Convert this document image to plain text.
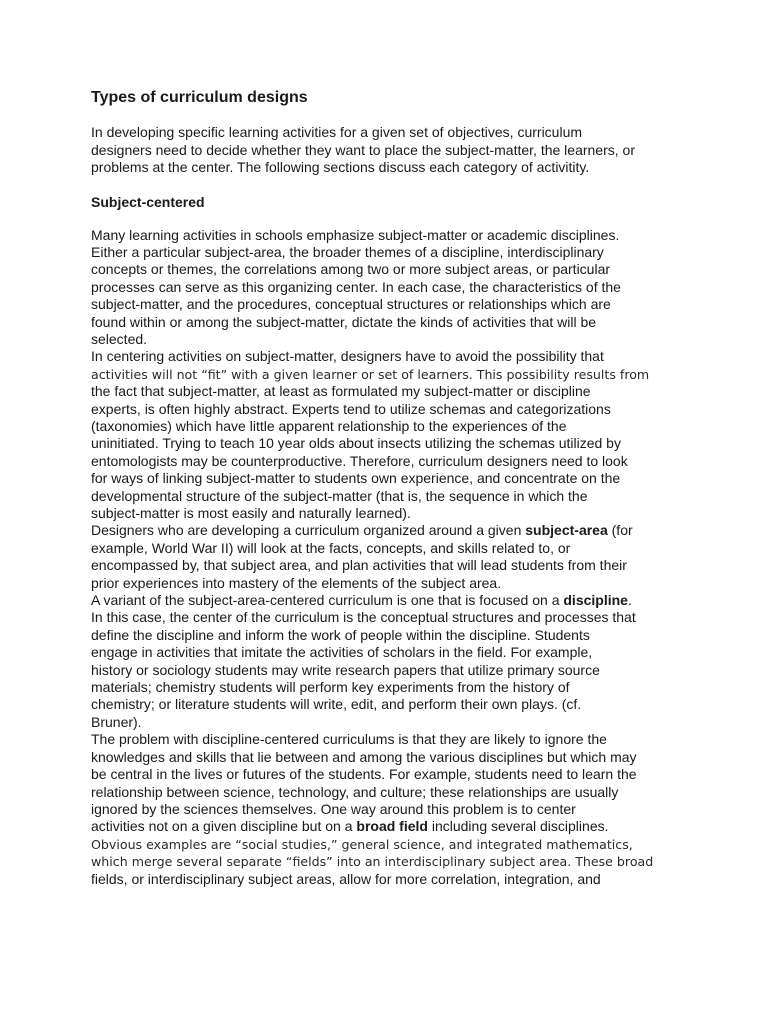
Types of curriculum designs
In developing specific learning activities for a given set of objectives, curriculum
designers need to decide whether they want to place the subject-matter, the learners, or
problems at the center. The following sections discuss each category of activitity.
Subject-centered
Many learning activities in schools emphasize subject-matter or academic disciplines.
Either a particular subject-area, the broader themes of a discipline, interdisciplinary
concepts or themes, the correlations among two or more subject areas, or particular
processes can serve as this organizing center. In each case, the characteristics of the
subject-matter, and the procedures, conceptual structures or relationships which are
found within or among the subject-matter, dictate the kinds of activities that will be
selected.
In centering activities on subject-matter, designers have to avoid the possibility that
activities will not “fit” with a given learner or set of learners. This possibility results from
the fact that subject-matter, at least as formulated my subject-matter or discipline
experts, is often highly abstract. Experts tend to utilize schemas and categorizations
(taxonomies) which have little apparent relationship to the experiences of the
uninitiated. Trying to teach 10 year olds about insects utilizing the schemas utilized by
entomologists may be counterproductive. Therefore, curriculum designers need to look
for ways of linking subject-matter to students own experience, and concentrate on the
developmental structure of the subject-matter (that is, the sequence in which the
subject-matter is most easily and naturally learned).
Designers who are developing a curriculum organized around a given subject-area (for
example, World War II) will look at the facts, concepts, and skills related to, or
encompassed by, that subject area, and plan activities that will lead students from their
prior experiences into mastery of the elements of the subject area.
A variant of the subject-area-centered curriculum is one that is focused on a discipline.
In this case, the center of the curriculum is the conceptual structures and processes that
define the discipline and inform the work of people within the discipline. Students
engage in activities that imitate the activities of scholars in the field. For example,
history or sociology students may write research papers that utilize primary source
materials; chemistry students will perform key experiments from the history of
chemistry; or literature students will write, edit, and perform their own plays. (cf.
Bruner).
The problem with discipline-centered curriculums is that they are likely to ignore the
knowledges and skills that lie between and among the various disciplines but which may
be central in the lives or futures of the students. For example, students need to learn the
relationship between science, technology, and culture; these relationships are usually
ignored by the sciences themselves. One way around this problem is to center
activities not on a given discipline but on a broad field including several disciplines.
Obvious examples are “social studies,” general science, and integrated mathematics,
which merge several separate “fields” into an interdisciplinary subject area. These broad
fields, or interdisciplinary subject areas, allow for more correlation, integration, and
